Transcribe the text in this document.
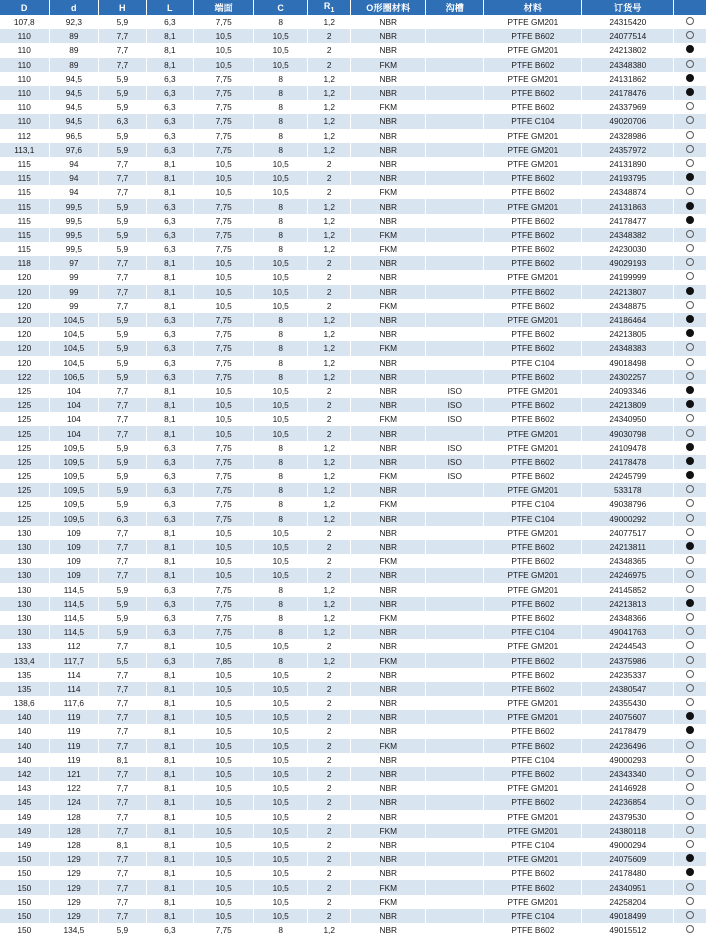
D	d	H	L	端面	C	$R_1$	O形圈材料	沟槽	材料	订货号	
107,8	92,3	5,9	6,3	7,75	8	1,2	NBR		PTFE GM201	24315420	
110	89	7,7	8,1	10,5	10,5	2	NBR		PTFE B602	24077514	
110	89	7,7	8,1	10,5	10,5	2	NBR		PTFE GM201	24213802	
110	89	7,7	8,1	10,5	10,5	2	FKM		PTFE B602	24348380	
110	94,5	5,9	6,3	7,75	8	1,2	NBR		PTFE GM201	24131862	
110	94,5	5,9	6,3	7,75	8	1,2	NBR		PTFE B602	24178476	
110	94,5	5,9	6,3	7,75	8	1,2	FKM		PTFE B602	24337969	
110	94,5	6,3	6,3	7,75	8	1,2	NBR		PTFE C104	49020706	
112	96,5	5,9	6,3	7,75	8	1,2	NBR		PTFE GM201	24328986	
113,1	97,6	5,9	6,3	7,75	8	1,2	NBR		PTFE GM201	24357972	
115	94	7,7	8,1	10,5	10,5	2	NBR		PTFE GM201	24131890	
115	94	7,7	8,1	10,5	10,5	2	NBR		PTFE B602	24193795	
115	94	7,7	8,1	10,5	10,5	2	FKM		PTFE B602	24348874	
115	99,5	5,9	6,3	7,75	8	1,2	NBR		PTFE GM201	24131863	
115	99,5	5,9	6,3	7,75	8	1,2	NBR		PTFE B602	24178477	
115	99,5	5,9	6,3	7,75	8	1,2	FKM		PTFE B602	24348382	
115	99,5	5,9	6,3	7,75	8	1,2	FKM		PTFE B602	24230030	
118	97	7,7	8,1	10,5	10,5	2	NBR		PTFE B602	49029193	
120	99	7,7	8,1	10,5	10,5	2	NBR		PTFE GM201	24199999	
120	99	7,7	8,1	10,5	10,5	2	NBR		PTFE B602	24213807	
120	99	7,7	8,1	10,5	10,5	2	FKM		PTFE B602	24348875	
120	104,5	5,9	6,3	7,75	8	1,2	NBR		PTFE GM201	24186464	
120	104,5	5,9	6,3	7,75	8	1,2	NBR		PTFE B602	24213805	
120	104,5	5,9	6,3	7,75	8	1,2	FKM		PTFE B602	24348383	
120	104,5	5,9	6,3	7,75	8	1,2	NBR		PTFE C104	49018498	
122	106,5	5,9	6,3	7,75	8	1,2	NBR		PTFE B602	24302257	
125	104	7,7	8,1	10,5	10,5	2	NBR	ISO	PTFE GM201	24093346	
125	104	7,7	8,1	10,5	10,5	2	NBR	ISO	PTFE B602	24213809	
125	104	7,7	8,1	10,5	10,5	2	FKM	ISO	PTFE B602	24340950	
125	104	7,7	8,1	10,5	10,5	2	NBR		PTFE GM201	49030798	
125	109,5	5,9	6,3	7,75	8	1,2	NBR	ISO	PTFE GM201	24109478	
125	109,5	5,9	6,3	7,75	8	1,2	NBR	ISO	PTFE B602	24178478	
125	109,5	5,9	6,3	7,75	8	1,2	FKM	ISO	PTFE B602	24245799	
125	109,5	5,9	6,3	7,75	8	1,2	NBR		PTFE GM201	533178	
125	109,5	5,9	6,3	7,75	8	1,2	FKM		PTFE C104	49038796	
125	109,5	6,3	6,3	7,75	8	1,2	NBR		PTFE C104	49000292	
130	109	7,7	8,1	10,5	10,5	2	NBR		PTFE GM201	24077517	
130	109	7,7	8,1	10,5	10,5	2	NBR		PTFE B602	24213811	
130	109	7,7	8,1	10,5	10,5	2	FKM		PTFE B602	24348365	
130	109	7,7	8,1	10,5	10,5	2	NBR		PTFE GM201	24246975	
130	114,5	5,9	6,3	7,75	8	1,2	NBR		PTFE GM201	24145852	
130	114,5	5,9	6,3	7,75	8	1,2	NBR		PTFE B602	24213813	
130	114,5	5,9	6,3	7,75	8	1,2	FKM		PTFE B602	24348366	
130	114,5	5,9	6,3	7,75	8	1,2	NBR		PTFE C104	49041763	
133	112	7,7	8,1	10,5	10,5	2	NBR		PTFE GM201	24244543	
133,4	117,7	5,5	6,3	7,85	8	1,2	FKM		PTFE B602	24375986	
135	114	7,7	8,1	10,5	10,5	2	NBR		PTFE B602	24235337	
135	114	7,7	8,1	10,5	10,5	2	NBR		PTFE B602	24380547	
138,6	117,6	7,7	8,1	10,5	10,5	2	NBR		PTFE GM201	24355430	
140	119	7,7	8,1	10,5	10,5	2	NBR		PTFE GM201	24075607	
140	119	7,7	8,1	10,5	10,5	2	NBR		PTFE B602	24178479	
140	119	7,7	8,1	10,5	10,5	2	FKM		PTFE B602	24236496	
140	119	8,1	8,1	10,5	10,5	2	NBR		PTFE C104	49000293	
142	121	7,7	8,1	10,5	10,5	2	NBR		PTFE B602	24343340	
143	122	7,7	8,1	10,5	10,5	2	NBR		PTFE GM201	24146928	
145	124	7,7	8,1	10,5	10,5	2	NBR		PTFE B602	24236854	
149	128	7,7	8,1	10,5	10,5	2	NBR		PTFE GM201	24379530	
149	128	7,7	8,1	10,5	10,5	2	FKM		PTFE GM201	24380118	
149	128	8,1	8,1	10,5	10,5	2	NBR		PTFE C104	49000294	
150	129	7,7	8,1	10,5	10,5	2	NBR		PTFE GM201	24075609	
150	129	7,7	8,1	10,5	10,5	2	NBR		PTFE B602	24178480	
150	129	7,7	8,1	10,5	10,5	2	FKM		PTFE B602	24340951	
150	129	7,7	8,1	10,5	10,5	2	FKM		PTFE GM201	24258204	
150	129	7,7	8,1	10,5	10,5	2	NBR		PTFE C104	49018499	
150	134,5	5,9	6,3	7,75	8	1,2	NBR		PTFE B602	49015512	
